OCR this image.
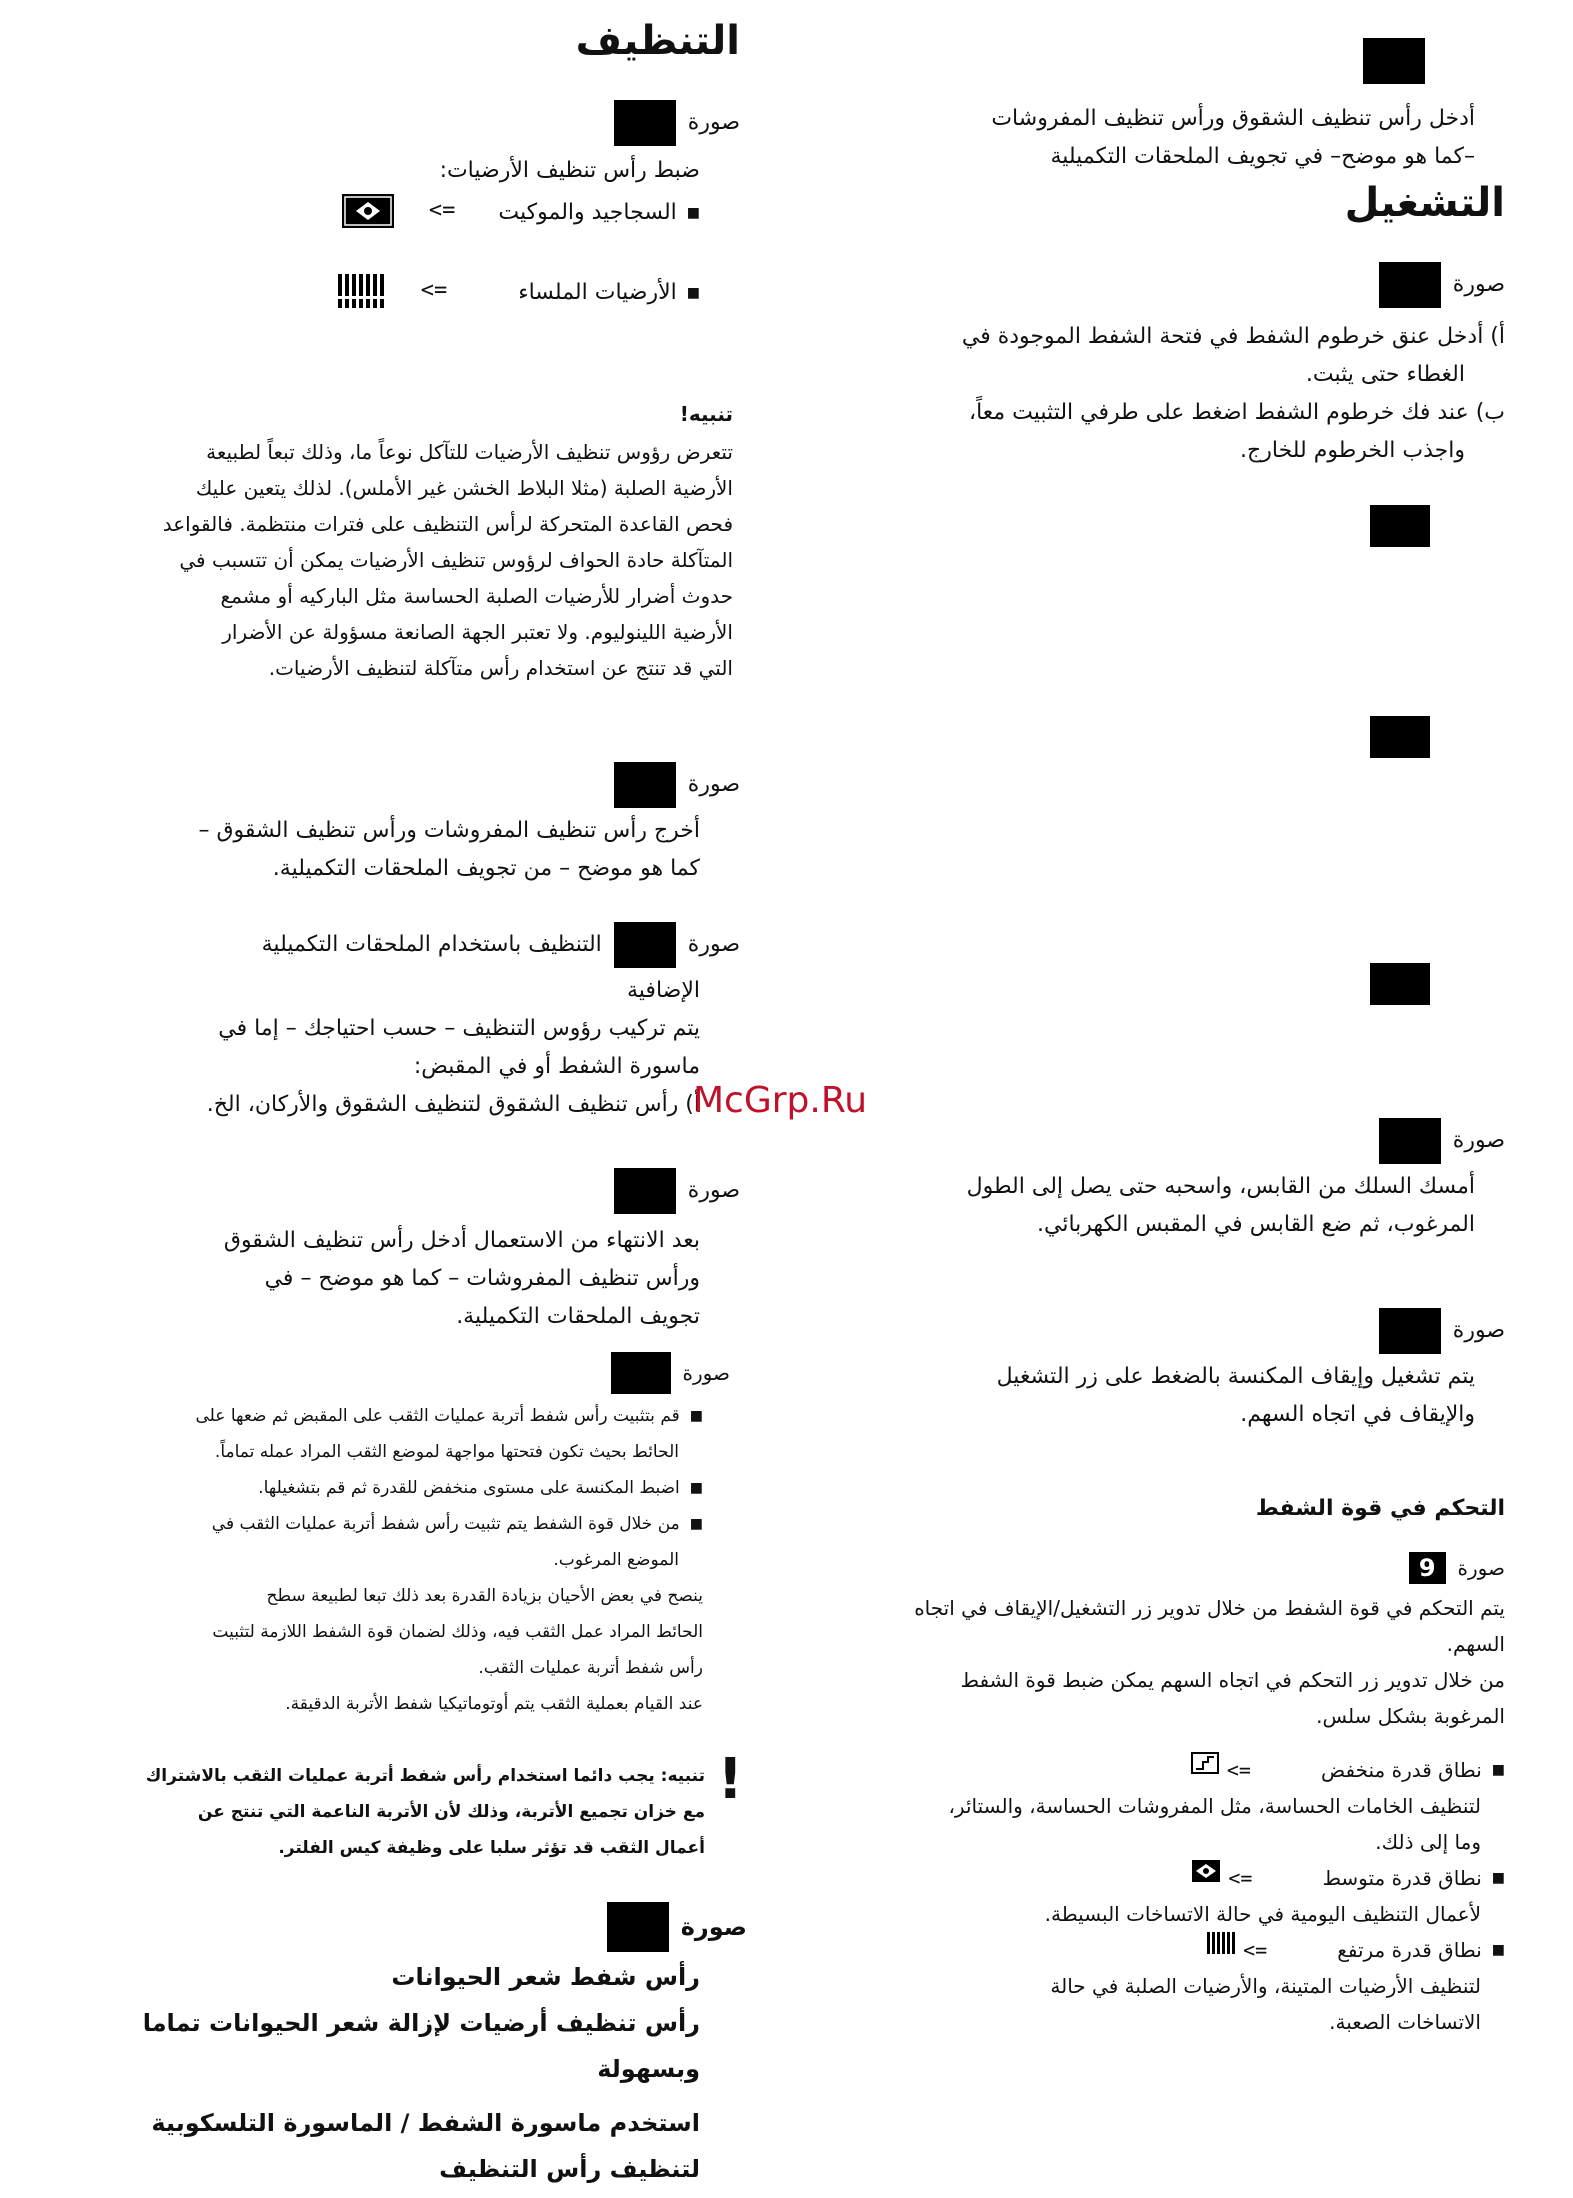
أدخل رأس تنظيف الشقوق ورأس تنظيف المفروشات
–كما هو موضح– في تجويف الملحقات التكميلية
التشغيل
صورة
أ) أدخل عنق خرطوم الشفط في فتحة الشفط الموجودة في
الغطاء حتى يثبت.
ب) عند فك خرطوم الشفط اضغط على طرفي التثبيت معاً،
واجذب الخرطوم للخارج.
صورة
أمسك السلك من القابس، واسحبه حتى يصل إلى الطول
المرغوب، ثم ضع القابس في المقبس الكهربائي.
صورة
يتم تشغيل وإيقاف المكنسة بالضغط على زر التشغيل
والإيقاف في اتجاه السهم.
التحكم في قوة الشفط
صورة
9
يتم التحكم في قوة الشفط من خلال تدوير زر التشغيل/الإيقاف في اتجاه
السهم.
من خلال تدوير زر التحكم في اتجاه السهم يمكن ضبط قوة الشفط
المرغوبة بشكل سلس.
■ نطاق قدرة منخفض
=>
لتنظيف الخامات الحساسة، مثل المفروشات الحساسة، والستائر،
وما إلى ذلك.
■ نطاق قدرة متوسط
=>
لأعمال التنظيف اليومية في حالة الاتساخات البسيطة.
■ نطاق قدرة مرتفع
=>
لتنظيف الأرضيات المتينة، والأرضيات الصلبة في حالة
الاتساخات الصعبة.
التنظيف
صورة
ضبط رأس تنظيف الأرضيات:
■ السجاجيد والموكيت
=>
■ الأرضيات الملساء
=>
تنبيه!
تتعرض رؤوس تنظيف الأرضيات للتآكل نوعاً ما، وذلك تبعاً لطبيعة
الأرضية الصلبة (مثلا البلاط الخشن غير الأملس). لذلك يتعين عليك
فحص القاعدة المتحركة لرأس التنظيف على فترات منتظمة. فالقواعد
المتآكلة حادة الحواف لرؤوس تنظيف الأرضيات يمكن أن تتسبب في
حدوث أضرار للأرضيات الصلبة الحساسة مثل الباركيه أو مشمع
الأرضية اللينوليوم. ولا تعتبر الجهة الصانعة مسؤولة عن الأضرار
التي قد تنتج عن استخدام رأس متآكلة لتنظيف الأرضيات.
صورة
أخرج رأس تنظيف المفروشات ورأس تنظيف الشقوق –
كما هو موضح – من تجويف الملحقات التكميلية.
صورة
التنظيف باستخدام الملحقات التكميلية
الإضافية
يتم تركيب رؤوس التنظيف – حسب احتياجك – إما في
ماسورة الشفط أو في المقبض:
أ) رأس تنظيف الشقوق لتنظيف الشقوق والأركان، الخ.
صورة
بعد الانتهاء من الاستعمال أدخل رأس تنظيف الشقوق
ورأس تنظيف المفروشات – كما هو موضح – في
تجويف الملحقات التكميلية.
صورة
■ قم بتثبيت رأس شفط أتربة عمليات الثقب على المقبض ثم ضعها على
الحائط بحيث تكون فتحتها مواجهة لموضع الثقب المراد عمله تماماً.
■ اضبط المكنسة على مستوى منخفض للقدرة ثم قم بتشغيلها.
■ من خلال قوة الشفط يتم تثبيت رأس شفط أتربة عمليات الثقب في
الموضع المرغوب.
ينصح في بعض الأحيان بزيادة القدرة بعد ذلك تبعا لطبيعة سطح
الحائط المراد عمل الثقب فيه، وذلك لضمان قوة الشفط اللازمة لتثبيت
رأس شفط أتربة عمليات الثقب.
عند القيام بعملية الثقب يتم أوتوماتيكيا شفط الأتربة الدقيقة.
!
تنبيه: يجب دائما استخدام رأس شفط أتربة عمليات الثقب بالاشتراك
مع خزان تجميع الأتربة، وذلك لأن الأتربة الناعمة التي تنتج عن
أعمال الثقب قد تؤثر سلبا على وظيفة كيس الفلتر.
صورة
رأس شفط شعر الحيوانات
رأس تنظيف أرضيات لإزالة شعر الحيوانات تماما
وبسهولة
استخدم ماسورة الشفط / الماسورة التلسكوبية
لتنظيف رأس التنظيف
McGrp.Ru
